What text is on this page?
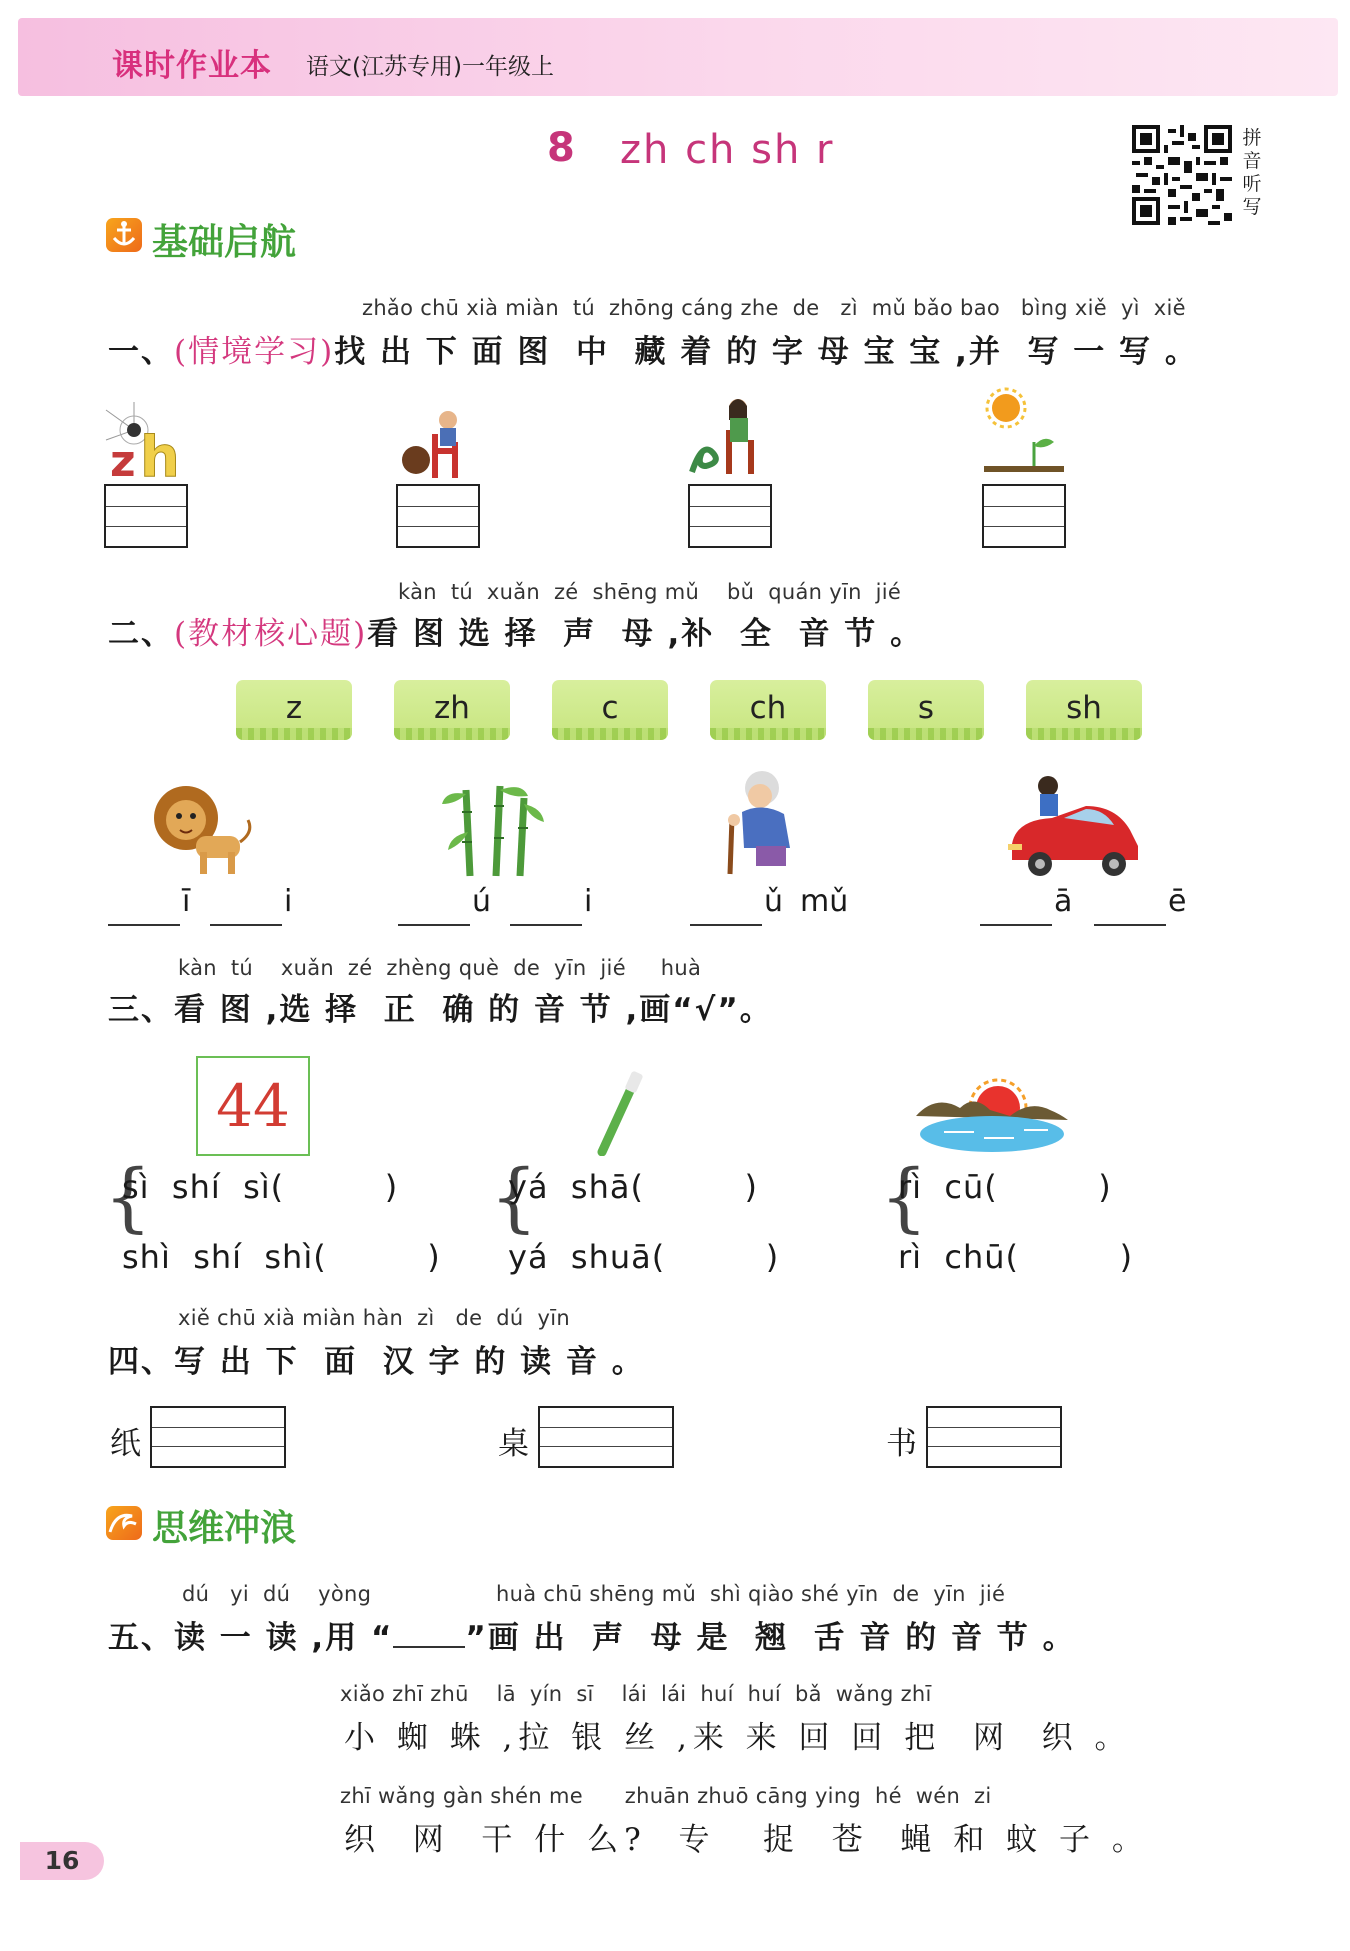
课时作业本 语文(江苏专用)一年级上
8 zh ch sh r	拼音听写
基础启航
zhǎo chū xià miàn  tú  zhōng cáng zhe  de   zì  mǔ bǎo bao   bìng xiě  yì  xiě
一、(情境学习)找 出 下 面 图  中  藏 着 的 字 母 宝 宝 ,并  写 一 写 。
z h
kàn  tú  xuǎn  zé  shēng mǔ    bǔ  quán yīn  jié
二、(教材核心题)看 图 选 择  声  母 ,补  全  音 节 。
z	zh	c	ch	s	sh
ī	i	ú	i	ǔ mǔ	ā	ē
kàn  tú    xuǎn  zé  zhèng què  de  yīn  jié     huà
三、看 图 ,选 择  正  确 的 音 节 ,画“√”。
44
{
sì  shí  sì(         )
shì  shí  shì(         )
{
yá  shā(         )
yá  shuā(         )
{
rì  cū(         )
rì  chū(         )
xiě chū xià miàn hàn  zì   de  dú  yīn
四、写 出 下  面  汉 字 的 读 音 。
纸	桌	书
思维冲浪
dú   yi  dú    yòng	huà chū shēng mǔ  shì qiào shé yīn  de  yīn  jié
五、读 一 读 ,用 “ ”画 出  声  母 是  翘  舌 音 的 音 节 。
xiǎo zhī zhū    lā  yín  sī    lái  lái  huí  huí  bǎ  wǎng zhī
小 蜘 蛛 ,拉 银 丝 ,来 来 回 回 把  网  织 。
zhī wǎng gàn shén me      zhuān zhuō cāng ying  hé  wén  zi
织  网  干 什 么?  专   捉  苍  蝇 和 蚊 子 。
16
